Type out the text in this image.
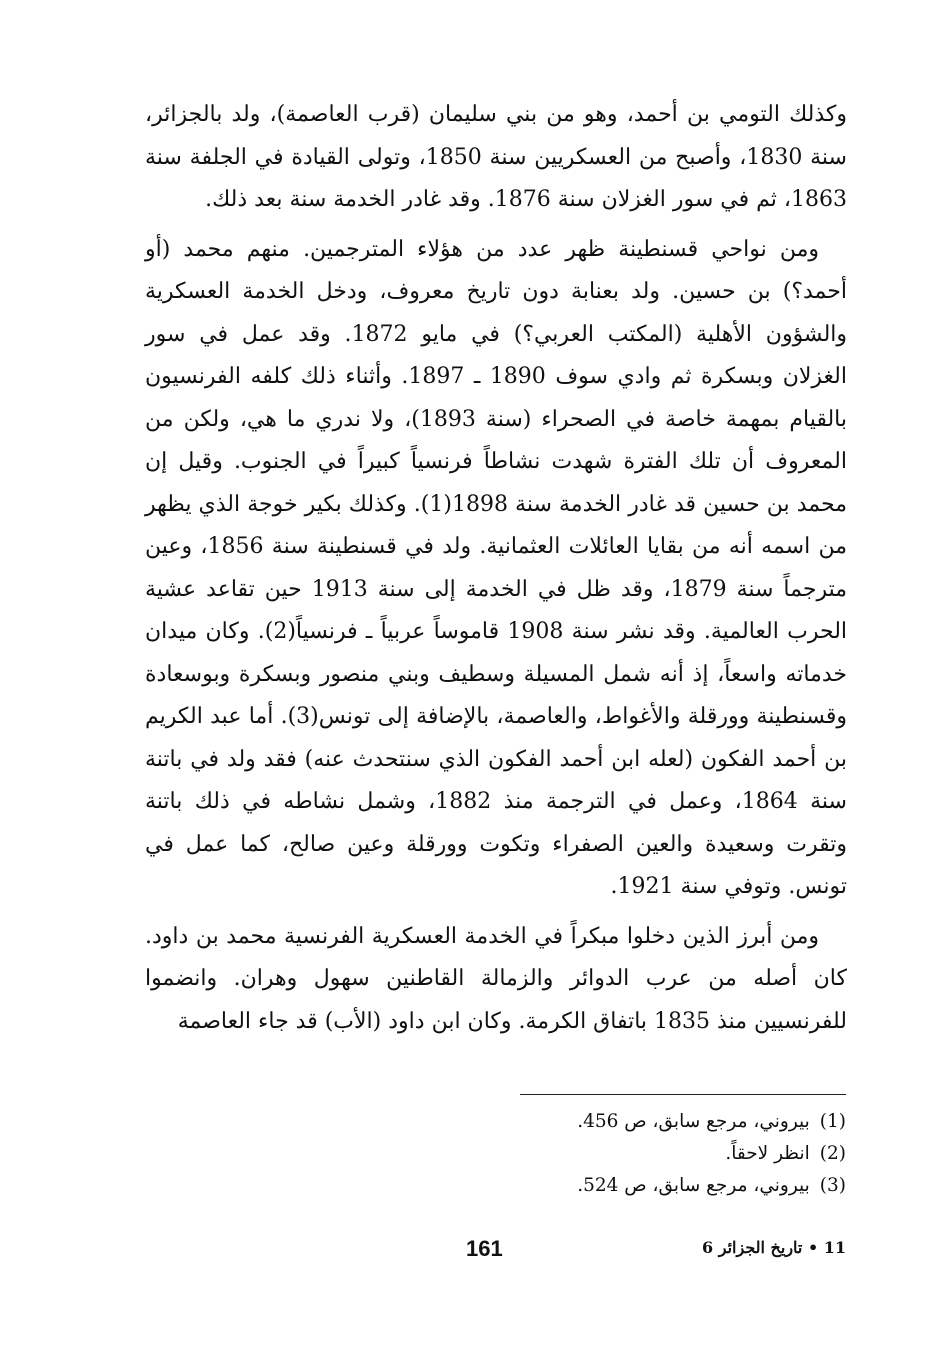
وكذلك التومي بن أحمد، وهو من بني سليمان (قرب العاصمة)، ولد بالجزائر، سنة 1830، وأصبح من العسكريين سنة 1850، وتولى القيادة في الجلفة سنة 1863، ثم في سور الغزلان سنة 1876. وقد غادر الخدمة سنة بعد ذلك.

ومن نواحي قسنطينة ظهر عدد من هؤلاء المترجمين. منهم محمد (أو أحمد؟) بن حسين. ولد بعنابة دون تاريخ معروف، ودخل الخدمة العسكرية والشؤون الأهلية (المكتب العربي؟) في مايو 1872. وقد عمل في سور الغزلان وبسكرة ثم وادي سوف 1890 ـ 1897. وأثناء ذلك كلفه الفرنسيون بالقيام بمهمة خاصة في الصحراء (سنة 1893)، ولا ندري ما هي، ولكن من المعروف أن تلك الفترة شهدت نشاطاً فرنسياً كبيراً في الجنوب. وقيل إن محمد بن حسين قد غادر الخدمة سنة 1898(1). وكذلك بكير خوجة الذي يظهر من اسمه أنه من بقايا العائلات العثمانية. ولد في قسنطينة سنة 1856، وعين مترجماً سنة 1879، وقد ظل في الخدمة إلى سنة 1913 حين تقاعد عشية الحرب العالمية. وقد نشر سنة 1908 قاموساً عربياً ـ فرنسياً(2). وكان ميدان خدماته واسعاً، إذ أنه شمل المسيلة وسطيف وبني منصور وبسكرة وبوسعادة وقسنطينة وورقلة والأغواط، والعاصمة، بالإضافة إلى تونس(3). أما عبد الكريم بن أحمد الفكون (لعله ابن أحمد الفكون الذي سنتحدث عنه) فقد ولد في باتنة سنة 1864، وعمل في الترجمة منذ 1882، وشمل نشاطه في ذلك باتنة وتقرت وسعيدة والعين الصفراء وتكوت وورقلة وعين صالح، كما عمل في تونس. وتوفي سنة 1921.

ومن أبرز الذين دخلوا مبكراً في الخدمة العسكرية الفرنسية محمد بن داود. كان أصله من عرب الدوائر والزمالة القاطنين سهول وهران. وانضموا للفرنسيين منذ 1835 باتفاق الكرمة. وكان ابن داود (الأب) قد جاء العاصمة

(1)بيروني، مرجع سابق، ص 456.
(2)انظر لاحقاً.
(3)بيروني، مرجع سابق، ص 524.
161	11 • تاريخ الجزائر 6
